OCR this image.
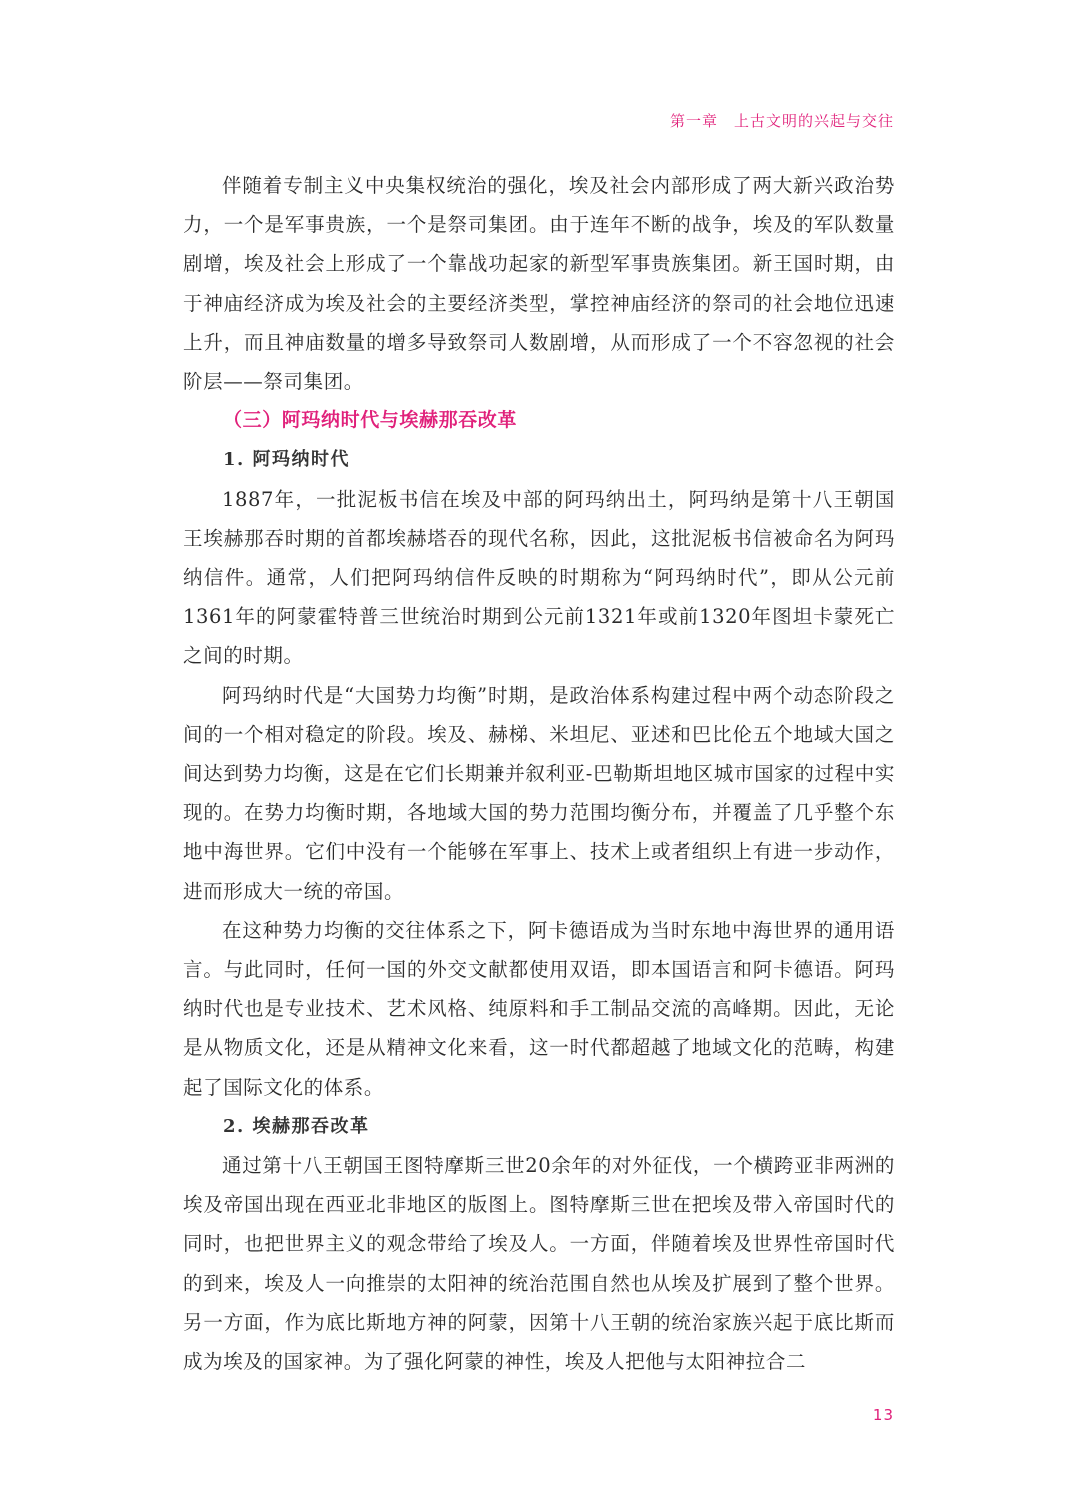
第一章 上古文明的兴起与交往

伴随着专制主义中央集权统治的强化，埃及社会内部形成了两大新兴政治势力，一个是军事贵族，一个是祭司集团。由于连年不断的战争，埃及的军队数量剧增，埃及社会上形成了一个靠战功起家的新型军事贵族集团。新王国时期，由于神庙经济成为埃及社会的主要经济类型，掌控神庙经济的祭司的社会地位迅速上升，而且神庙数量的增多导致祭司人数剧增，从而形成了一个不容忽视的社会阶层——祭司集团。

（三）阿玛纳时代与埃赫那吞改革

1. 阿玛纳时代

1887年，一批泥板书信在埃及中部的阿玛纳出土，阿玛纳是第十八王朝国王埃赫那吞时期的首都埃赫塔吞的现代名称，因此，这批泥板书信被命名为阿玛纳信件。通常，人们把阿玛纳信件反映的时期称为“阿玛纳时代”，即从公元前1361年的阿蒙霍特普三世统治时期到公元前1321年或前1320年图坦卡蒙死亡之间的时期。

阿玛纳时代是“大国势力均衡”时期，是政治体系构建过程中两个动态阶段之间的一个相对稳定的阶段。埃及、赫梯、米坦尼、亚述和巴比伦五个地域大国之间达到势力均衡，这是在它们长期兼并叙利亚-巴勒斯坦地区城市国家的过程中实现的。在势力均衡时期，各地域大国的势力范围均衡分布，并覆盖了几乎整个东地中海世界。它们中没有一个能够在军事上、技术上或者组织上有进一步动作，进而形成大一统的帝国。

在这种势力均衡的交往体系之下，阿卡德语成为当时东地中海世界的通用语言。与此同时，任何一国的外交文献都使用双语，即本国语言和阿卡德语。阿玛纳时代也是专业技术、艺术风格、纯原料和手工制品交流的高峰期。因此，无论是从物质文化，还是从精神文化来看，这一时代都超越了地域文化的范畴，构建起了国际文化的体系。

2. 埃赫那吞改革

通过第十八王朝国王图特摩斯三世20余年的对外征伐，一个横跨亚非两洲的埃及帝国出现在西亚北非地区的版图上。图特摩斯三世在把埃及带入帝国时代的同时，也把世界主义的观念带给了埃及人。一方面，伴随着埃及世界性帝国时代的到来，埃及人一向推崇的太阳神的统治范围自然也从埃及扩展到了整个世界。另一方面，作为底比斯地方神的阿蒙，因第十八王朝的统治家族兴起于底比斯而成为埃及的国家神。为了强化阿蒙的神性，埃及人把他与太阳神拉合二

13
